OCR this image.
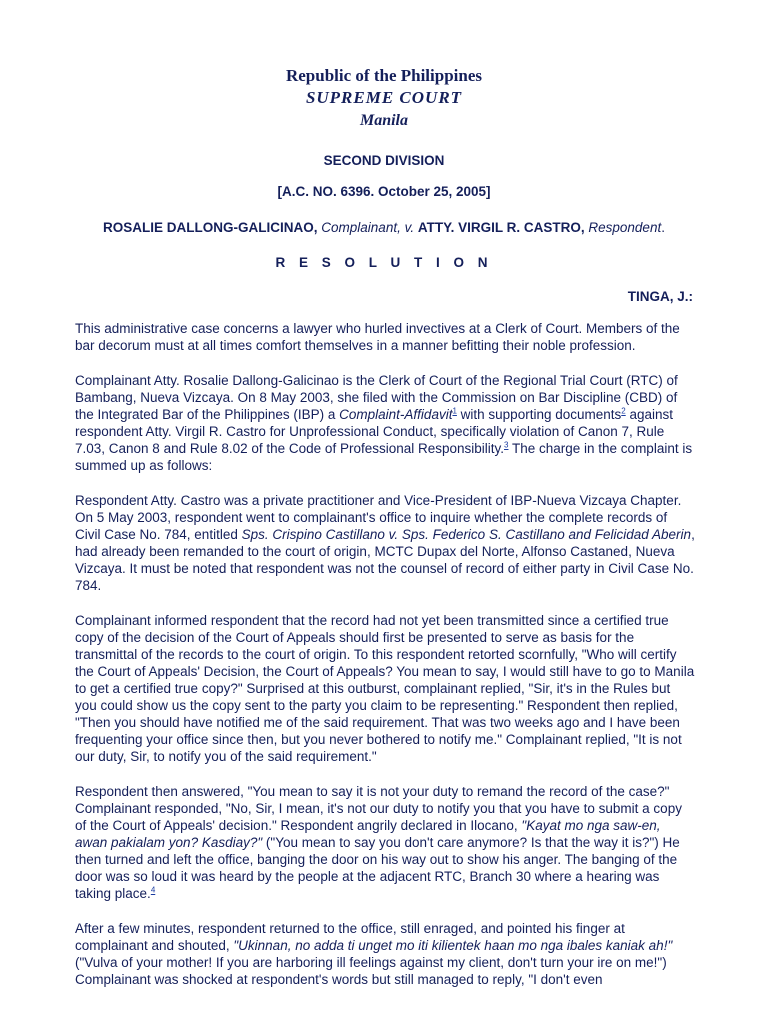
Republic of the Philippines
SUPREME COURT
Manila
SECOND DIVISION
[A.C. NO. 6396. October 25, 2005]
ROSALIE DALLONG-GALICINAO, Complainant, v. ATTY. VIRGIL R. CASTRO, Respondent.
R E S O L U T I O N
TINGA, J.:

This administrative case concerns a lawyer who hurled invectives at a Clerk of Court. Members of the bar decorum must at all times comfort themselves in a manner befitting their noble profession.

Complainant Atty. Rosalie Dallong-Galicinao is the Clerk of Court of the Regional Trial Court (RTC) of Bambang, Nueva Vizcaya. On 8 May 2003, she filed with the Commission on Bar Discipline (CBD) of the Integrated Bar of the Philippines (IBP) a Complaint-Affidavit$^1$ with supporting documents$^2$ against respondent Atty. Virgil R. Castro for Unprofessional Conduct, specifically violation of Canon 7, Rule 7.03, Canon 8 and Rule 8.02 of the Code of Professional Responsibility.$^3$ The charge in the complaint is summed up as follows:

Respondent Atty. Castro was a private practitioner and Vice-President of IBP-Nueva Vizcaya Chapter. On 5 May 2003, respondent went to complainant's office to inquire whether the complete records of Civil Case No. 784, entitled Sps. Crispino Castillano v. Sps. Federico S. Castillano and Felicidad Aberin, had already been remanded to the court of origin, MCTC Dupax del Norte, Alfonso Castaned, Nueva Vizcaya. It must be noted that respondent was not the counsel of record of either party in Civil Case No. 784.

Complainant informed respondent that the record had not yet been transmitted since a certified true copy of the decision of the Court of Appeals should first be presented to serve as basis for the transmittal of the records to the court of origin. To this respondent retorted scornfully, "Who will certify the Court of Appeals' Decision, the Court of Appeals? You mean to say, I would still have to go to Manila to get a certified true copy?" Surprised at this outburst, complainant replied, "Sir, it's in the Rules but you could show us the copy sent to the party you claim to be representing." Respondent then replied, "Then you should have notified me of the said requirement. That was two weeks ago and I have been frequenting your office since then, but you never bothered to notify me." Complainant replied, "It is not our duty, Sir, to notify you of the said requirement."

Respondent then answered, "You mean to say it is not your duty to remand the record of the case?" Complainant responded, "No, Sir, I mean, it's not our duty to notify you that you have to submit a copy of the Court of Appeals' decision." Respondent angrily declared in Ilocano, "Kayat mo nga saw-en, awan pakialam yon? Kasdiay?" ("You mean to say you don't care anymore? Is that the way it is?") He then turned and left the office, banging the door on his way out to show his anger. The banging of the door was so loud it was heard by the people at the adjacent RTC, Branch 30 where a hearing was taking place.$^4$

After a few minutes, respondent returned to the office, still enraged, and pointed his finger at complainant and shouted, "Ukinnan, no adda ti unget mo iti kilientek haan mo nga ibales kaniak ah!" ("Vulva of your mother! If you are harboring ill feelings against my client, don't turn your ire on me!") Complainant was shocked at respondent's words but still managed to reply, "I don't even
